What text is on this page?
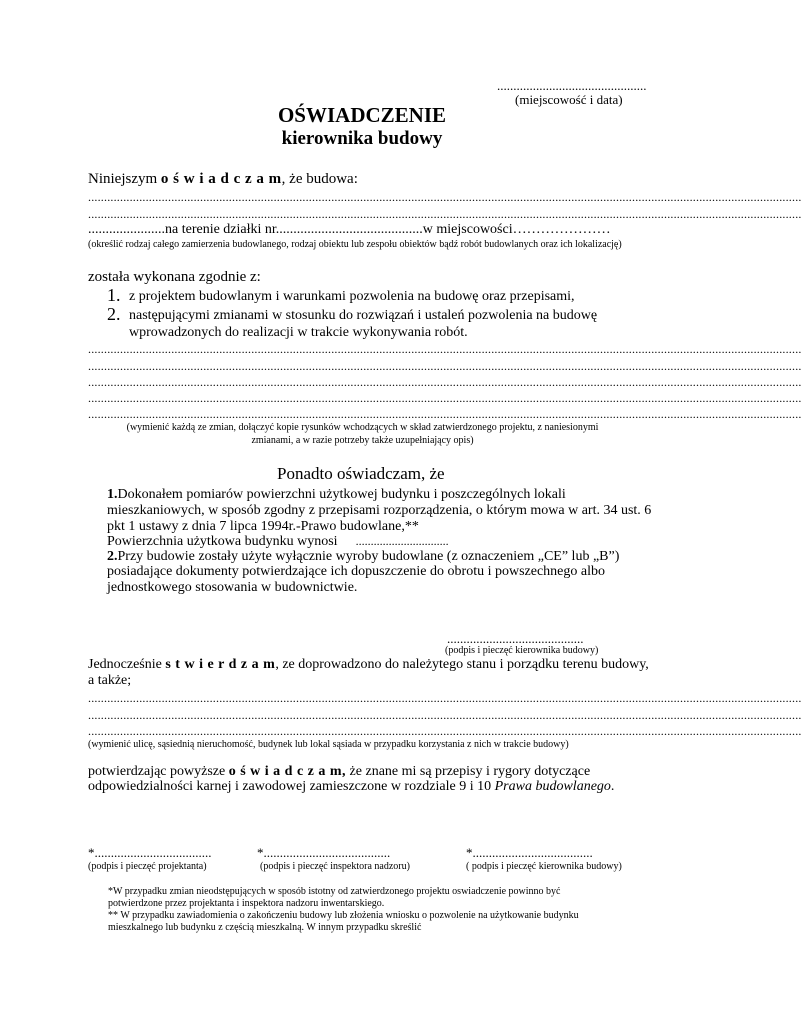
..............................................
(miejscowość i data)
OŚWIADCZENIE
kierownika budowy
Niniejszym o ś w i a d c z a m, że budowa:
...............................................................................................................................................................................................................................
...............................................................................................................................................................................................................................
......................na terenie działki nr..........................................w miejscowości…………………
(określić rodzaj całego zamierzenia budowlanego, rodzaj obiektu lub zespołu obiektów bądź robót budowlanych oraz ich lokalizację)
została wykonana zgodnie z:
1. z projektem budowlanym i warunkami pozwolenia na budowę oraz przepisami,
2. następującymi zmianami w stosunku do rozwiązań i ustaleń pozwolenia na budowę
wprowadzonych do realizacji w trakcie wykonywania robót.
...............................................................................................................................................................................................................................
...............................................................................................................................................................................................................................
...............................................................................................................................................................................................................................
...............................................................................................................................................................................................................................
...............................................................................................................................................................................................................................
(wymienić każdą ze zmian, dołączyć kopie rysunków wchodzących w skład zatwierdzonego projektu, z naniesionymi
zmianami, a w razie potrzeby także uzupełniający opis)
Ponadto oświadczam, że
1.Dokonałem pomiarów powierzchni użytkowej budynku i poszczególnych lokali
mieszkaniowych, w sposób zgodny z przepisami rozporządzenia, o którym mowa w art. 34 ust. 6
pkt 1 ustawy z dnia 7 lipca 1994r.-Prawo budowlane,**
Powierzchnia użytkowa budynku wynosi ...............................
2.Przy budowie zostały użyte wyłącznie wyroby budowlane (z oznaczeniem „CE” lub „B”)
posiadające dokumenty potwierdzające ich dopuszczenie do obrotu i powszechnego albo
jednostkowego stosowania w budownictwie.
..........................................
(podpis i pieczęć kierownika budowy)
Jednocześnie s t w i e r d z a m, ze doprowadzono do należytego stanu i porządku terenu budowy,
a także;
...............................................................................................................................................................................................................................
...............................................................................................................................................................................................................................
...............................................................................................................................................................................................................................
(wymienić ulicę, sąsiednią nieruchomość, budynek lub lokal sąsiada w przypadku korzystania z nich w trakcie budowy)
potwierdzając powyższe o ś w i a d c z a m, że znane mi są przepisy i rygory dotyczące
odpowiedzialności karnej i zawodowej zamieszczone w rozdziale 9 i 10 Prawa budowlanego.
*....................................
(podpis i pieczęć projektanta)
*.......................................
(podpis i pieczęć inspektora nadzoru)
*.....................................
( podpis i pieczęć kierownika budowy)
*W przypadku zmian nieodstępujących w sposób istotny od zatwierdzonego projektu oswiadczenie powinno być
potwierdzone przez projektanta i inspektora nadzoru inwentarskiego.
** W przypadku zawiadomienia o zakończeniu budowy lub złożenia wniosku o pozwolenie na użytkowanie budynku
mieszkalnego lub budynku z częścią mieszkalną. W innym przypadku skreślić
